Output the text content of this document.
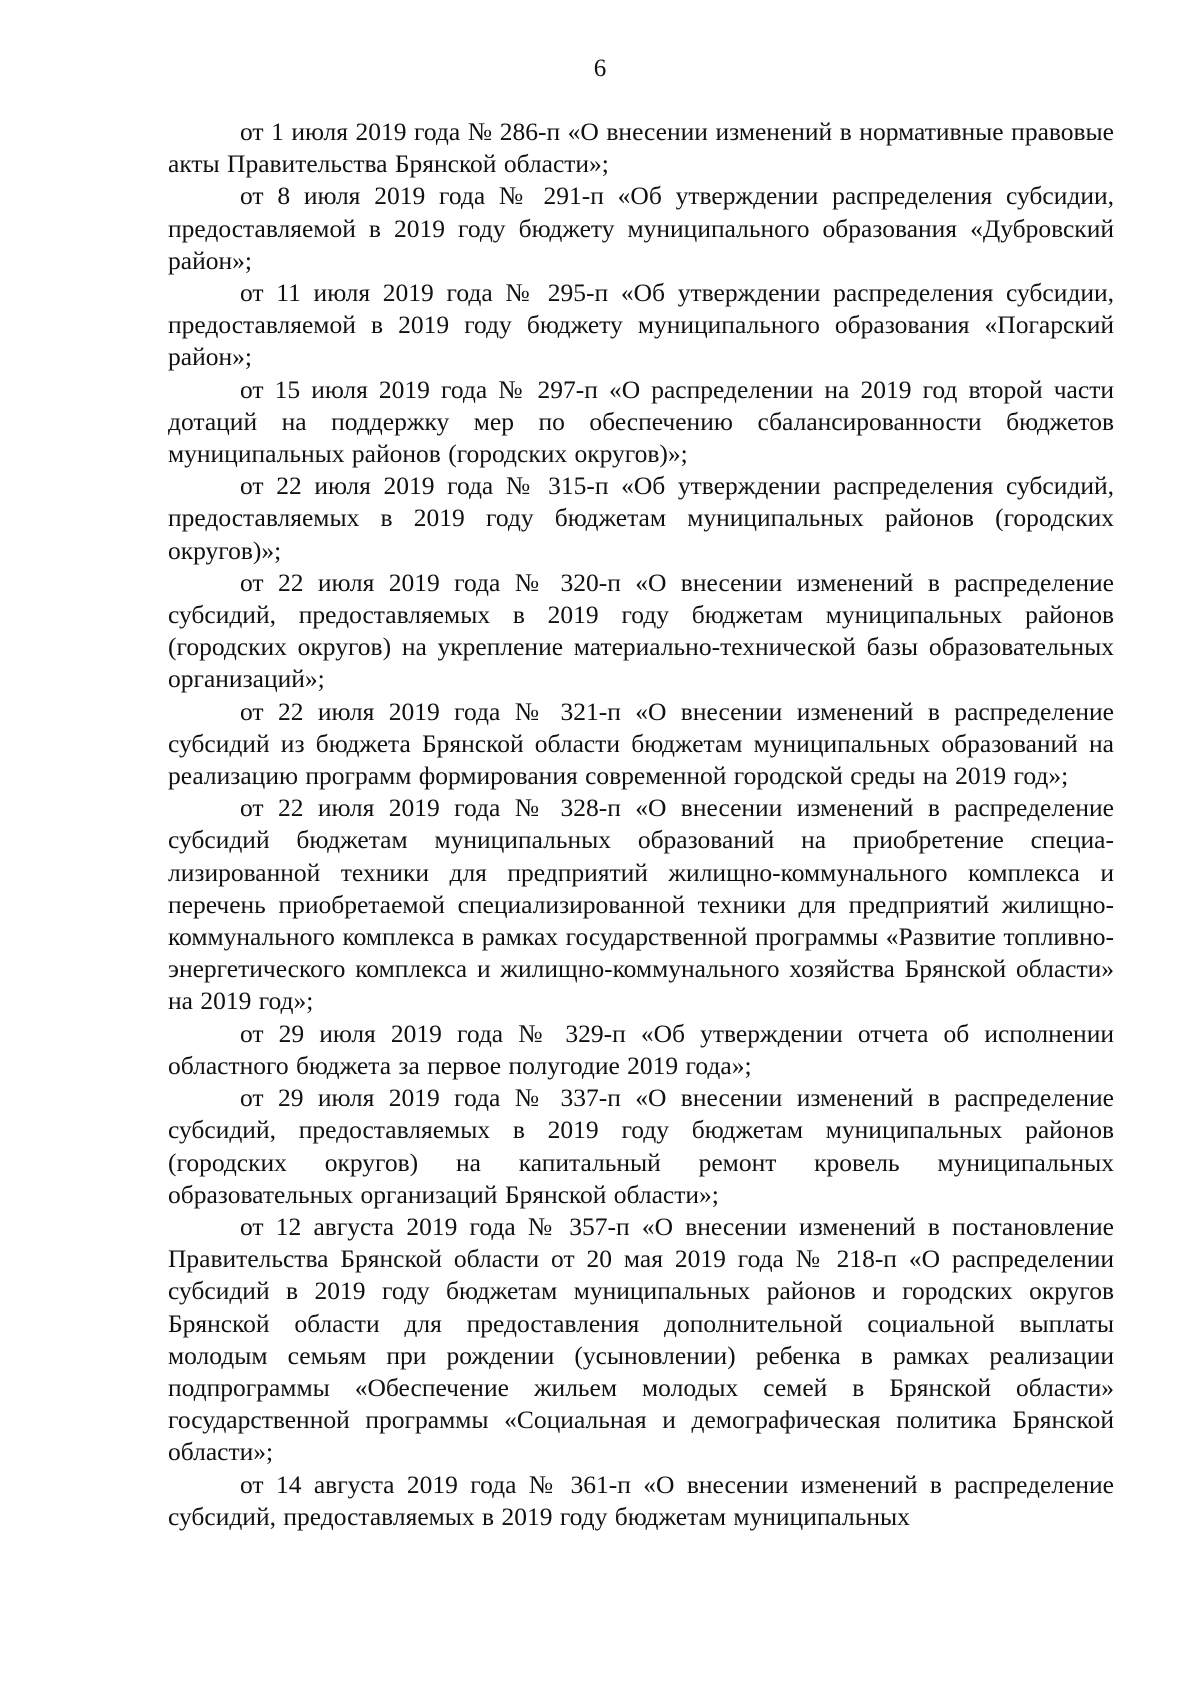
6

от 1 июля 2019 года № 286-п «О внесении изменений в нормативные правовые акты Правительства Брянской области»;

от 8 июля 2019 года № 291-п «Об утверждении распределения субсидии, предоставляемой в 2019 году бюджету муниципального образования «Дубровский район»;

от 11 июля 2019 года № 295-п «Об утверждении распределения субсидии, предоставляемой в 2019 году бюджету муниципального образования «Погарский район»;

от 15 июля 2019 года № 297-п «О распределении на 2019 год второй части дотаций на поддержку мер по обеспечению сбалансированности бюджетов муниципальных районов (городских округов)»;

от 22 июля 2019 года № 315-п «Об утверждении распределения субсидий, предоставляемых в 2019 году бюджетам муниципальных районов (городских округов)»;

от 22 июля 2019 года № 320-п «О внесении изменений в распределение субсидий, предоставляемых в 2019 году бюджетам муниципальных районов (городских округов) на укрепление материально-технической базы образовательных организаций»;

от 22 июля 2019 года № 321-п «О внесении изменений в распределение субсидий из бюджета Брянской области бюджетам муниципальных образований на реализацию программ формирования современной городской среды на 2019 год»;

от 22 июля 2019 года № 328-п «О внесении изменений в распределение субсидий бюджетам муниципальных образований на приобретение специализированной техники для предприятий жилищно-коммунального комплекса и перечень приобретаемой специализированной техники для предприятий жилищно-коммунального комплекса в рамках государственной программы «Развитие топливно-энергетического комплекса и жилищно-коммунального хозяйства Брянской области» на 2019 год»;

от 29 июля 2019 года № 329-п «Об утверждении отчета об исполнении областного бюджета за первое полугодие 2019 года»;

от 29 июля 2019 года № 337-п «О внесении изменений в распределение субсидий, предоставляемых в 2019 году бюджетам муниципальных районов (городских округов) на капитальный ремонт кровель муниципальных образовательных организаций Брянской области»;

от 12 августа 2019 года № 357-п «О внесении изменений в постановление Правительства Брянской области от 20 мая 2019 года № 218-п «О распределении субсидий в 2019 году бюджетам муниципальных районов и городских округов Брянской области для предоставления дополнительной социальной выплаты молодым семьям при рождении (усыновлении) ребенка в рамках реализации подпрограммы «Обеспечение жильем молодых семей в Брянской области» государственной программы «Социальная и демографическая политика Брянской области»;

от 14 августа 2019 года № 361-п «О внесении изменений в распределение субсидий, предоставляемых в 2019 году бюджетам муниципальных
